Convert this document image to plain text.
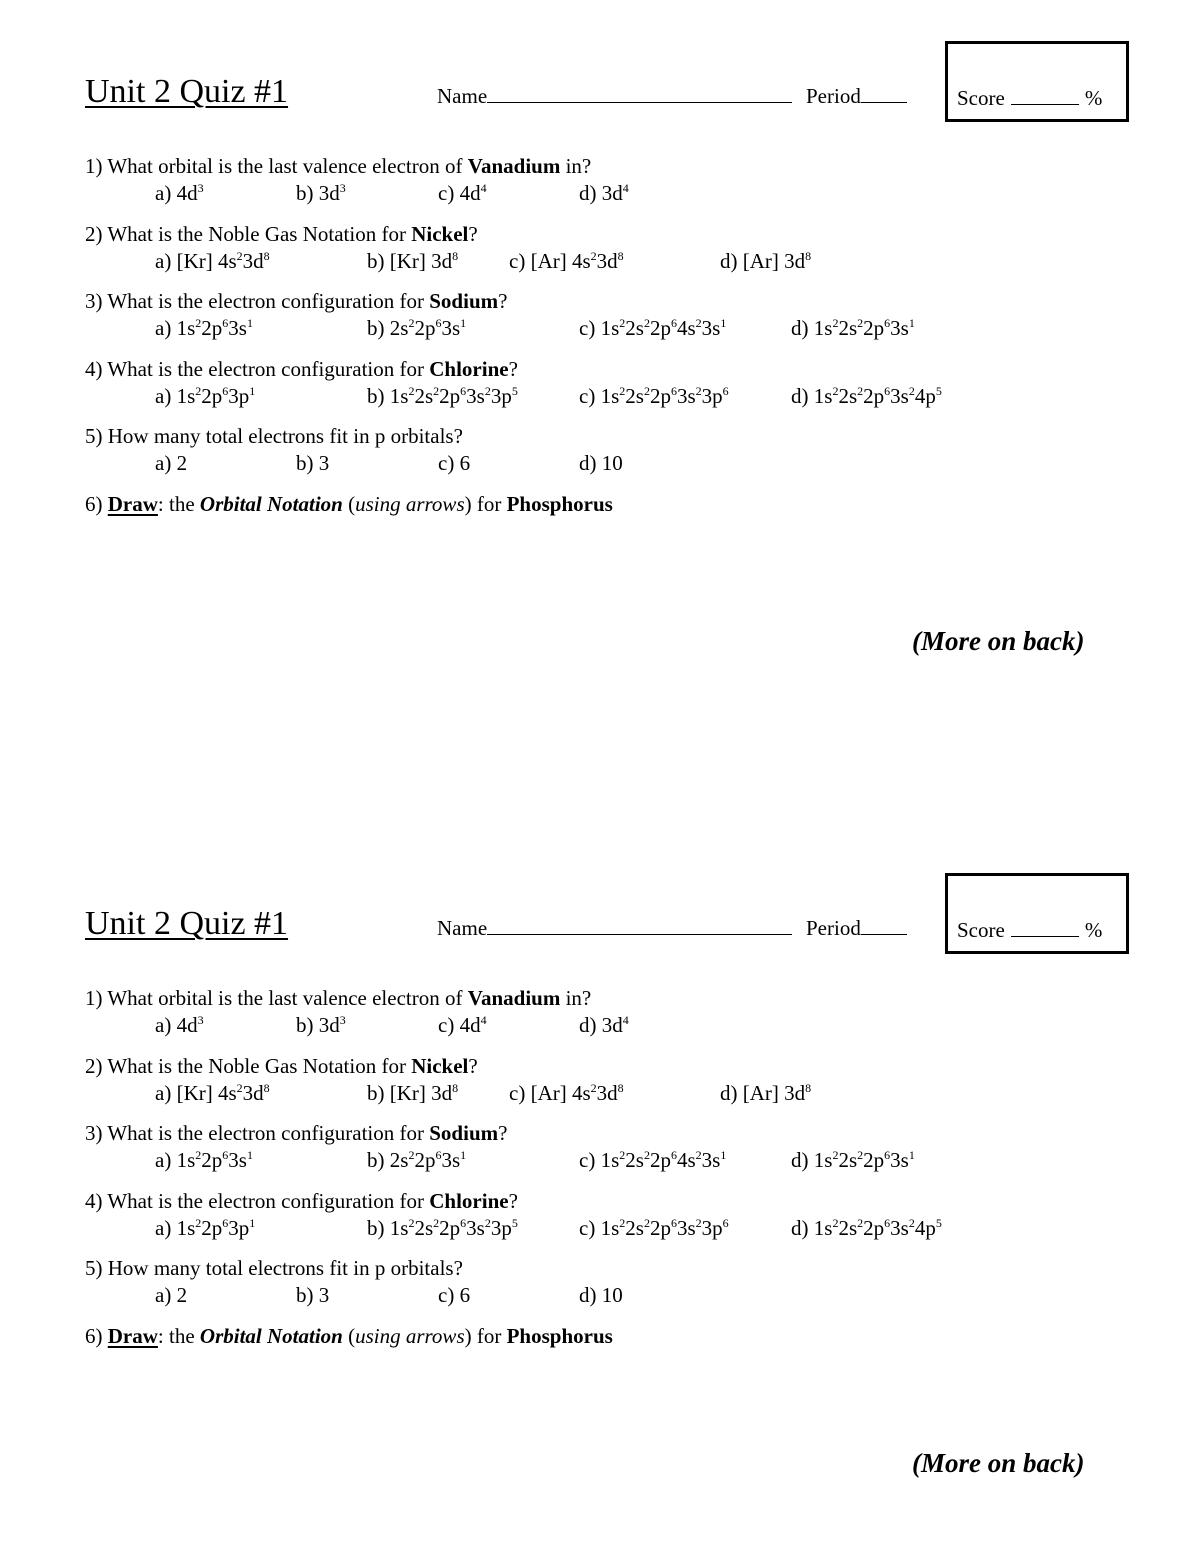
Unit 2 Quiz #1	Name	Period	Score	%
6) Draw: the Orbital Notation (using arrows) for Phosphorus
(More on back)
1) What orbital is the last valence electron of Vanadium in?
a) $4d^3$	b) $3d^3$	c) $4d^4$	d) $3d^4$
2) What is the Noble Gas Notation for Nickel?
a) [Kr] $4s^23d^8$	b) [Kr] $3d^8$ c) [Ar] $4s^23d^8$	d) [Ar] $3d^8$
3) What is the electron configuration for Sodium?
a) $1s^22p^63s^1$	b) $2s^22p^63s^1$	c) $1s^22s^22p^64s^23s^1$	d) $1s^22s^22p^63s^1$
4) What is the electron configuration for Chlorine?
a) $1s^22p^63p^1$	b) $1s^22s^22p^63s^23p^5$	c) $1s^22s^22p^63s^23p^6$	d) $1s^22s^22p^63s^24p^5$
5) How many total electrons fit in p orbitals?
a) 2	b) 3	c) 6	d) 10
Unit 2 Quiz #1	Name	Period	Score	%
6) Draw: the Orbital Notation (using arrows) for Phosphorus
(More on back)
1) What orbital is the last valence electron of Vanadium in?
a) $4d^3$	b) $3d^3$	c) $4d^4$	d) $3d^4$
2) What is the Noble Gas Notation for Nickel?
a) [Kr] $4s^23d^8$	b) [Kr] $3d^8$ c) [Ar] $4s^23d^8$	d) [Ar] $3d^8$
3) What is the electron configuration for Sodium?
a) $1s^22p^63s^1$	b) $2s^22p^63s^1$	c) $1s^22s^22p^64s^23s^1$	d) $1s^22s^22p^63s^1$
4) What is the electron configuration for Chlorine?
a) $1s^22p^63p^1$	b) $1s^22s^22p^63s^23p^5$	c) $1s^22s^22p^63s^23p^6$	d) $1s^22s^22p^63s^24p^5$
5) How many total electrons fit in p orbitals?
a) 2	b) 3	c) 6	d) 10
